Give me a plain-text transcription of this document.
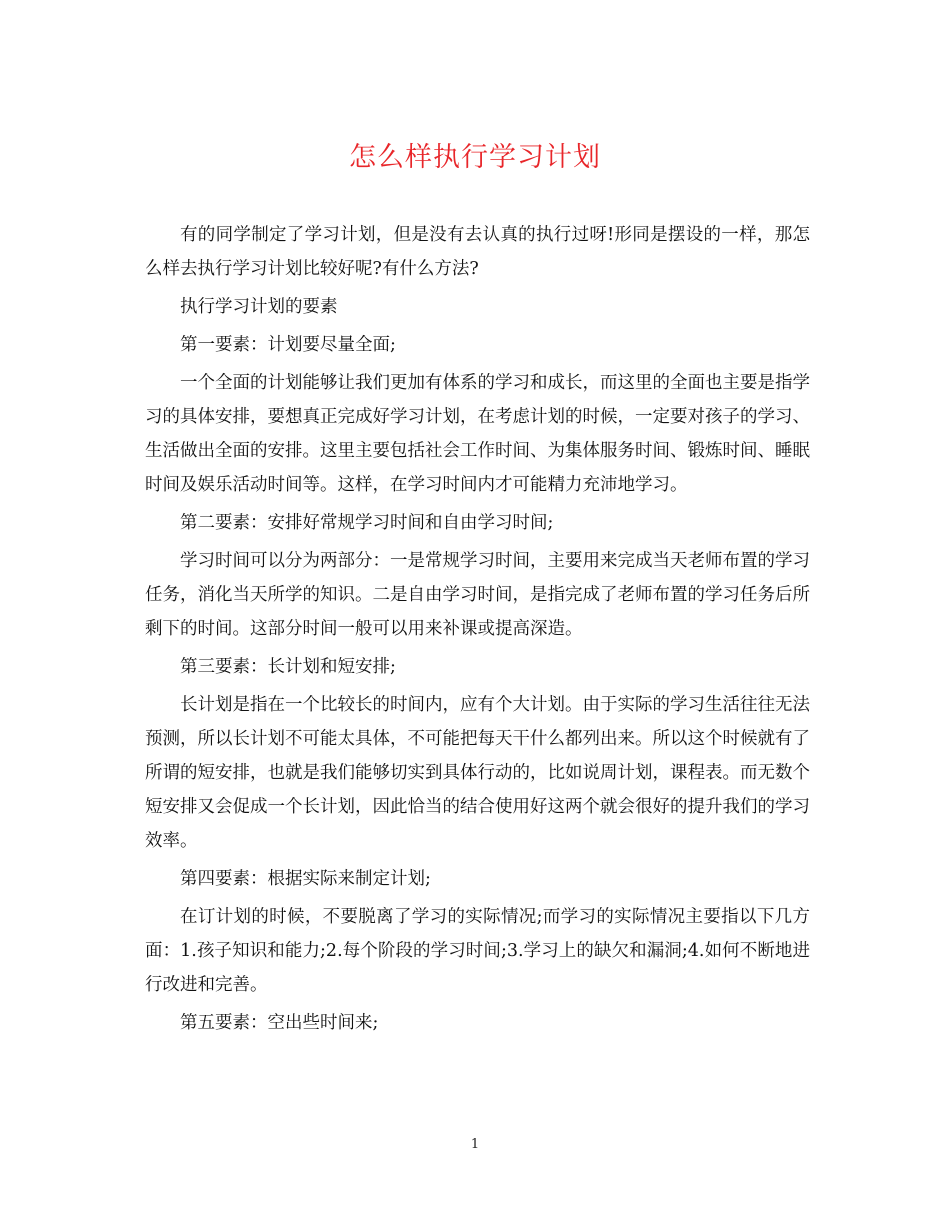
怎么样执行学习计划

有的同学制定了学习计划，但是没有去认真的执行过呀!形同是摆设的一样，那怎么样去执行学习计划比较好呢?有什么方法?

执行学习计划的要素

第一要素：计划要尽量全面;

一个全面的计划能够让我们更加有体系的学习和成长，而这里的全面也主要是指学习的具体安排，要想真正完成好学习计划，在考虑计划的时候，一定要对孩子的学习、生活做出全面的安排。这里主要包括社会工作时间、为集体服务时间、锻炼时间、睡眠时间及娱乐活动时间等。这样，在学习时间内才可能精力充沛地学习。

第二要素：安排好常规学习时间和自由学习时间;

学习时间可以分为两部分：一是常规学习时间，主要用来完成当天老师布置的学习任务，消化当天所学的知识。二是自由学习时间，是指完成了老师布置的学习任务后所剩下的时间。这部分时间一般可以用来补课或提高深造。

第三要素：长计划和短安排;

长计划是指在一个比较长的时间内，应有个大计划。由于实际的学习生活往往无法预测，所以长计划不可能太具体，不可能把每天干什么都列出来。所以这个时候就有了所谓的短安排，也就是我们能够切实到具体行动的，比如说周计划，课程表。而无数个短安排又会促成一个长计划，因此恰当的结合使用好这两个就会很好的提升我们的学习效率。

第四要素：根据实际来制定计划;

在订计划的时候，不要脱离了学习的实际情况;而学习的实际情况主要指以下几方面：1.孩子知识和能力;2.每个阶段的学习时间;3.学习上的缺欠和漏洞;4.如何不断地进行改进和完善。

第五要素：空出些时间来;

1
